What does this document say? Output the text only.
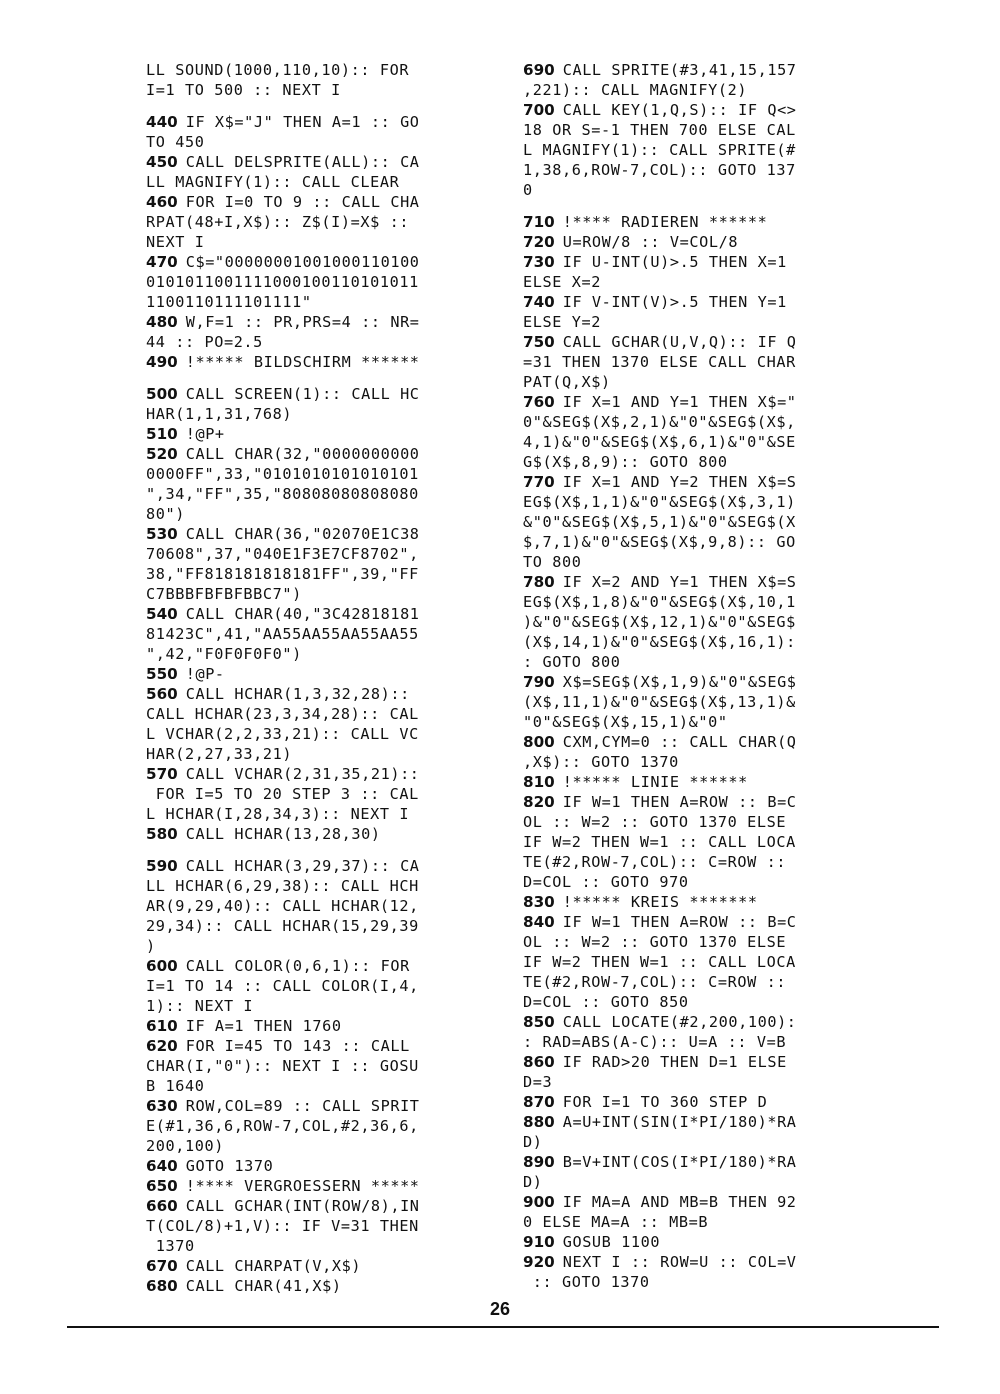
LL SOUND(1000,110,10):: FOR
I=1 TO 500 :: NEXT I
440 IF X$="J" THEN A=1 :: GO
TO 450
450 CALL DELSPRITE(ALL):: CA
LL MAGNIFY(1):: CALL CLEAR
460 FOR I=0 TO 9 :: CALL CHA
RPAT(48+I,X$):: Z$(I)=X$ ::
NEXT I
470 C$="00000001001000110100
0101011001111000100110101011
1100110111101111"
480 W,F=1 :: PR,PRS=4 :: NR=
44 :: PO=2.5
490 !***** BILDSCHIRM ******
500 CALL SCREEN(1):: CALL HC
HAR(1,1,31,768)
510 !@P+
520 CALL CHAR(32,"0000000000
0000FF",33,"0101010101010101
",34,"FF",35,"80808080808080
80")
530 CALL CHAR(36,"02070E1C38
70608",37,"040E1F3E7CF8702",
38,"FF818181818181FF",39,"FF
C7BBBFBFBFBBC7")
540 CALL CHAR(40,"3C42818181
81423C",41,"AA55AA55AA55AA55
",42,"F0F0F0F0")
550 !@P-
560 CALL HCHAR(1,3,32,28)::
CALL HCHAR(23,3,34,28):: CAL
L VCHAR(2,2,33,21):: CALL VC
HAR(2,27,33,21)
570 CALL VCHAR(2,31,35,21)::
FOR I=5 TO 20 STEP 3 :: CAL
L HCHAR(I,28,34,3):: NEXT I
580 CALL HCHAR(13,28,30)
590 CALL HCHAR(3,29,37):: CA
LL HCHAR(6,29,38):: CALL HCH
AR(9,29,40):: CALL HCHAR(12,
29,34):: CALL HCHAR(15,29,39
)
600 CALL COLOR(0,6,1):: FOR
I=1 TO 14 :: CALL COLOR(I,4,
1):: NEXT I
610 IF A=1 THEN 1760
620 FOR I=45 TO 143 :: CALL
CHAR(I,"0"):: NEXT I :: GOSU
B 1640
630 ROW,COL=89 :: CALL SPRIT
E(#1,36,6,ROW-7,COL,#2,36,6,
200,100)
640 GOTO 1370
650 !**** VERGROESSERN *****
660 CALL GCHAR(INT(ROW/8),IN
T(COL/8)+1,V):: IF V=31 THEN
1370
670 CALL CHARPAT(V,X$)
680 CALL CHAR(41,X$)
690 CALL SPRITE(#3,41,15,157
,221):: CALL MAGNIFY(2)
700 CALL KEY(1,Q,S):: IF Q<>
18 OR S=-1 THEN 700 ELSE CAL
L MAGNIFY(1):: CALL SPRITE(#
1,38,6,ROW-7,COL):: GOTO 137
0
710 !**** RADIEREN ******
720 U=ROW/8 :: V=COL/8
730 IF U-INT(U)>.5 THEN X=1
ELSE X=2
740 IF V-INT(V)>.5 THEN Y=1
ELSE Y=2
750 CALL GCHAR(U,V,Q):: IF Q
=31 THEN 1370 ELSE CALL CHAR
PAT(Q,X$)
760 IF X=1 AND Y=1 THEN X$="
0"&SEG$(X$,2,1)&"0"&SEG$(X$,
4,1)&"0"&SEG$(X$,6,1)&"0"&SE
G$(X$,8,9):: GOTO 800
770 IF X=1 AND Y=2 THEN X$=S
EG$(X$,1,1)&"0"&SEG$(X$,3,1)
&"0"&SEG$(X$,5,1)&"0"&SEG$(X
$,7,1)&"0"&SEG$(X$,9,8):: GO
TO 800
780 IF X=2 AND Y=1 THEN X$=S
EG$(X$,1,8)&"0"&SEG$(X$,10,1
)&"0"&SEG$(X$,12,1)&"0"&SEG$
(X$,14,1)&"0"&SEG$(X$,16,1):
: GOTO 800
790 X$=SEG$(X$,1,9)&"0"&SEG$
(X$,11,1)&"0"&SEG$(X$,13,1)&
"0"&SEG$(X$,15,1)&"0"
800 CXM,CYM=0 :: CALL CHAR(Q
,X$):: GOTO 1370
810 !***** LINIE ******
820 IF W=1 THEN A=ROW :: B=C
OL :: W=2 :: GOTO 1370 ELSE
IF W=2 THEN W=1 :: CALL LOCA
TE(#2,ROW-7,COL):: C=ROW ::
D=COL :: GOTO 970
830 !***** KREIS *******
840 IF W=1 THEN A=ROW :: B=C
OL :: W=2 :: GOTO 1370 ELSE
IF W=2 THEN W=1 :: CALL LOCA
TE(#2,ROW-7,COL):: C=ROW ::
D=COL :: GOTO 850
850 CALL LOCATE(#2,200,100):
: RAD=ABS(A-C):: U=A :: V=B
860 IF RAD>20 THEN D=1 ELSE
D=3
870 FOR I=1 TO 360 STEP D
880 A=U+INT(SIN(I*PI/180)*RA
D)
890 B=V+INT(COS(I*PI/180)*RA
D)
900 IF MA=A AND MB=B THEN 92
0 ELSE MA=A :: MB=B
910 GOSUB 1100
920 NEXT I :: ROW=U :: COL=V
:: GOTO 1370
26
